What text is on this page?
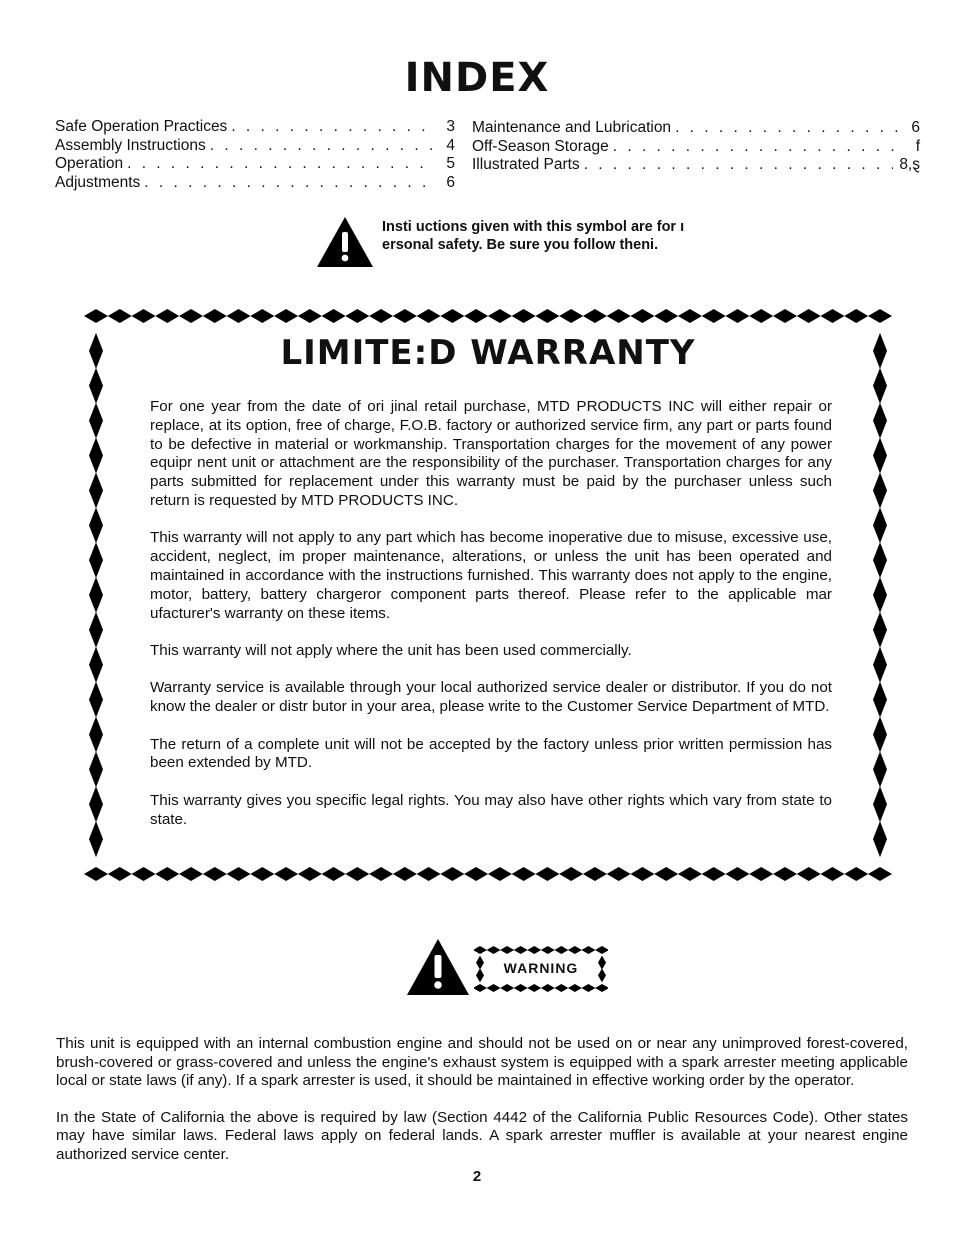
INDEX
Safe Operation Practices . . .	3
Assembly Instructions . . .	4
Operation . . .	5
Adjustments . . .	6
Maintenance and Lubrication . . .	6
Off-Season Storage . . .	f
Illustrated Parts . . .	8,ȿ
Insti uctions given with this symbol are for ı ersonal safety. Be sure you follow theni.
LIMITE:D WARRANTY

For one year from the date of ori jinal retail purchase, MTD PRODUCTS INC will either repair or replace, at its option, free of charge, F.O.B. factory or authorized service firm, any part or parts found to be defective in material or workmanship. Transportation charges for the movement of any power equipr nent unit or attachment are the responsibility of the purchaser. Transportation charges for any parts submitted for replacement under this warranty must be paid by the purchaser unless such return is requested by MTD PRODUCTS INC.

This warranty will not apply to any part which has become inoperative due to misuse, excessive use, accident, neglect, im proper maintenance, alterations, or unless the unit has been operated and maintained in accordance with the instructions furnished. This warranty does not apply to the engine, motor, battery, battery chargeror component parts thereof. Please refer to the applicable mar ufacturer's warranty on these items.

This warranty will not apply where the unit has been used commercially.

Warranty service is available through your local authorized service dealer or distributor. If you do not know the dealer or distr butor in your area, please write to the Customer Service Department of MTD.

The return of a complete unit will not be accepted by the factory unless prior written permission has been extended by MTD.

This warranty gives you specific legal rights. You may also have other rights which vary from state to state.

WARNING

This unit is equipped with an internal combustion engine and should not be used on or near any unimproved forest-covered, brush-covered or grass-covered and unless the engine's exhaust system is equipped with a spark arrester meeting applicable local or state laws (if any). If a spark arrester is used, it should be maintained in effective working order by the operator.

In the State of California the above is required by law (Section 4442 of the California Public Resources Code). Other states may have similar laws. Federal laws apply on federal lands. A spark arrester muffler is available at your nearest engine authorized service center.

2
